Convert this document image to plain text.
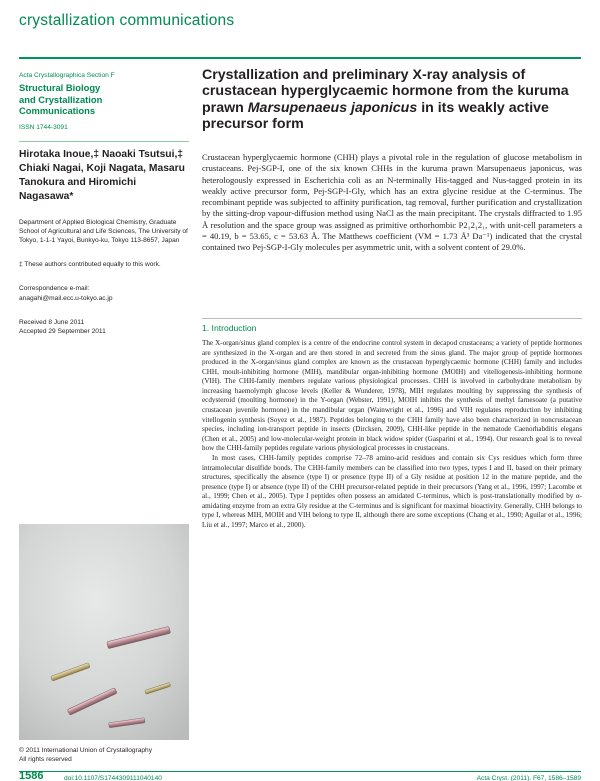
crystallization communications
Acta Crystallographica Section F
Structural Biology
and Crystallization
Communications
ISSN 1744-3091
Hirotaka Inoue,‡ Naoaki Tsutsui,‡ Chiaki Nagai, Koji Nagata, Masaru Tanokura and Hiromichi Nagasawa*
Department of Applied Biological Chemistry, Graduate School of Agricultural and Life Sciences, The University of Tokyo, 1-1-1 Yayoi, Bunkyo-ku, Tokyo 113-8657, Japan
‡ These authors contributed equally to this work.
Correspondence e-mail:
anagahi@mail.ecc.u-tokyo.ac.jp
Received 8 June 2011
Accepted 29 September 2011
© 2011 International Union of Crystallography
All rights reserved
Crystallization and preliminary X-ray analysis of crustacean hyperglycaemic hormone from the kuruma prawn Marsupenaeus japonicus in its weakly active precursor form
Crustacean hyperglycaemic hormone (CHH) plays a pivotal role in the regulation of glucose metabolism in crustaceans. Pej-SGP-I, one of the six known CHHs in the kuruma prawn Marsupenaeus japonicus, was heterologously expressed in Escherichia coli as an N-terminally His-tagged and Nus-tagged protein in its weakly active precursor form, Pej-SGP-I-Gly, which has an extra glycine residue at the C-terminus. The recombinant peptide was subjected to affinity purification, tag removal, further purification and crystallization by the sitting-drop vapour-diffusion method using NaCl as the main precipitant. The crystals diffracted to 1.95 Å resolution and the space group was assigned as primitive orthorhombic P2₁2₁2₁, with unit-cell parameters a = 40.19, b = 53.65, c = 53.63 Å. The Matthews coefficient (VM = 1.73 Å³ Da⁻¹) indicated that the crystal contained two Pej-SGP-I-Gly molecules per asymmetric unit, with a solvent content of 29.0%.
1. Introduction

The X-organ/sinus gland complex is a centre of the endocrine control system in decapod crustaceans; a variety of peptide hormones are synthesized in the X-organ and are then stored in and secreted from the sinus gland. The major group of peptide hormones produced in the X-organ/sinus gland complex are known as the crustacean hyperglycaemic hormone (CHH) family and includes CHH, moult-inhibiting hormone (MIH), mandibular organ-inhibiting hormone (MOIH) and vitellogenesis-inhibiting hormone (VIH). The CHH-family members regulate various physiological processes. CHH is involved in carbohydrate metabolism by increasing haemolymph glucose levels (Keller & Wunderer, 1978), MIH regulates moulting by suppressing the synthesis of ecdysteroid (moulting hormone) in the Y-organ (Webster, 1991), MOIH inhibits the synthesis of methyl farnesoate (a putative crustacean juvenile hormone) in the mandibular organ (Wainwright et al., 1996) and VIH regulates reproduction by inhibiting vitellogenin synthesis (Soyez et al., 1987). Peptides belonging to the CHH family have also been characterized in noncrustacean species, including ion-transport peptide in insects (Dircksen, 2009), CHH-like peptide in the nematode Caenorhabditis elegans (Chen et al., 2005) and low-molecular-weight protein in black widow spider (Gasparini et al., 1994). Our research goal is to reveal how the CHH-family peptides regulate various physiological processes in crustaceans.

In most cases, CHH-family peptides comprise 72–78 amino-acid residues and contain six Cys residues which form three intramolecular disulfide bonds. The CHH-family members can be classified into two types, types I and II, based on their primary structures, specifically the absence (type I) or presence (type II) of a Gly residue at position 12 in the mature peptide, and the presence (type I) or absence (type II) of the CHH precursor-related peptide in their precursors (Yang et al., 1996, 1997; Lacombe et al., 1999; Chen et al., 2005). Type I peptides often possess an amidated C-terminus, which is post-translationally modified by α-amidating enzyme from an extra Gly residue at the C-terminus and is significant for maximal bioactivity. Generally, CHH belongs to type I, whereas MIH, MOIH and VIH belong to type II, although there are some exceptions (Chang et al., 1990; Aguilar et al., 1996; Liu et al., 1997; Marco et al., 2000).

1586	doi:10.1107/S1744309111040140	Acta Cryst. (2011). F67, 1586–1589
